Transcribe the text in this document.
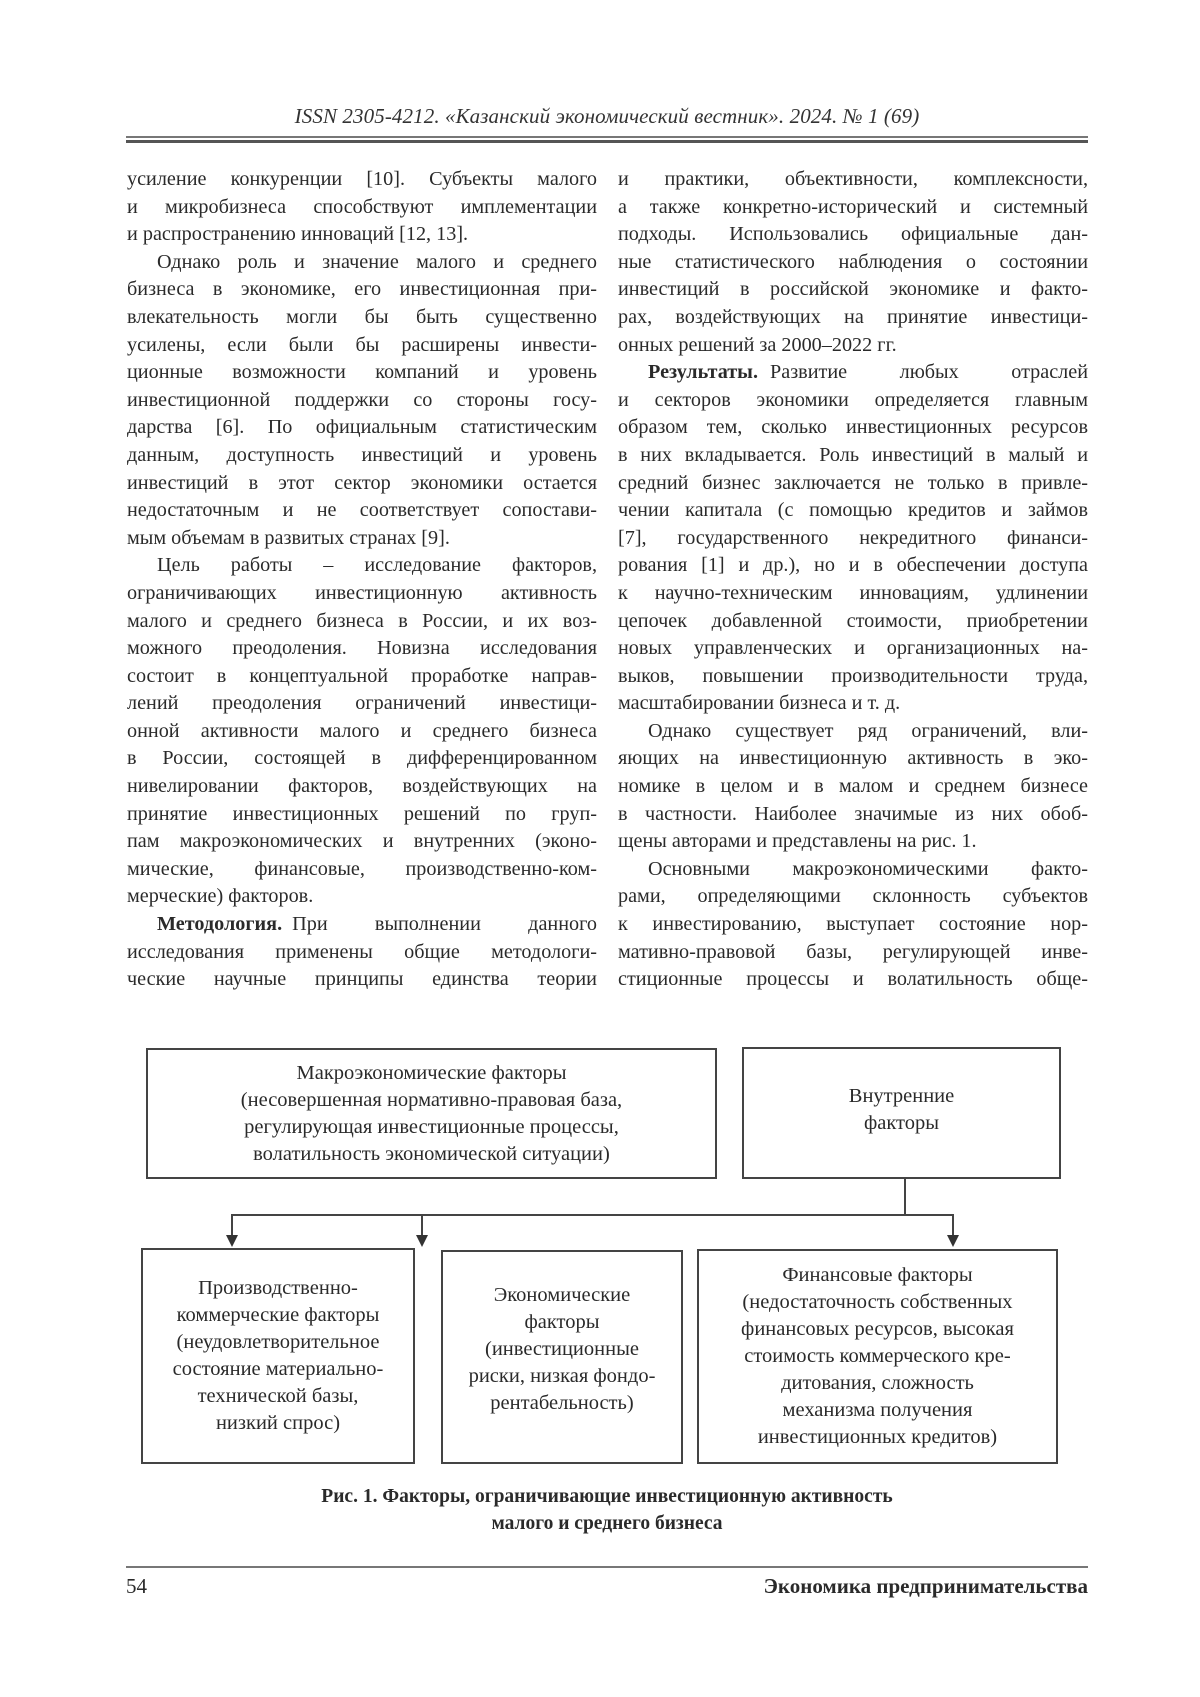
ISSN 2305-4212. «Казанский экономический вестник». 2024. № 1 (69)
усиление конкуренции [10]. Субъекты малого
и микробизнеса способствуют имплементации
и распространению инноваций [12, 13].
Однако роль и значение малого и среднего
бизнеса в экономике, его инвестиционная при-
влекательность могли бы быть существенно
усилены, если были бы расширены инвести-
ционные возможности компаний и уровень
инвестиционной поддержки со стороны госу-
дарства [6]. По официальным статистическим
данным, доступность инвестиций и уровень
инвестиций в этот сектор экономики остается
недостаточным и не соответствует сопостави-
мым объемам в развитых странах [9].
Цель работы – исследование факторов,
ограничивающих инвестиционную активность
малого и среднего бизнеса в России, и их воз-
можного преодоления. Новизна исследования
состоит в концептуальной проработке направ-
лений преодоления ограничений инвестици-
онной активности малого и среднего бизнеса
в России, состоящей в дифференцированном
нивелировании факторов, воздействующих на
принятие инвестиционных решений по груп-
пам макроэкономических и внутренних (эконо-
мические, финансовые, производственно-ком-
мерческие) факторов.
Методология. При выполнении данного
исследования применены общие методологи-
ческие научные принципы единства теории
и практики, объективности, комплексности,
а также конкретно-исторический и системный
подходы. Использовались официальные дан-
ные статистического наблюдения о состоянии
инвестиций в российской экономике и факто-
рах, воздействующих на принятие инвестици-
онных решений за 2000–2022 гг.
Результаты. Развитие любых отраслей
и секторов экономики определяется главным
образом тем, сколько инвестиционных ресурсов
в них вкладывается. Роль инвестиций в малый и
средний бизнес заключается не только в привле-
чении капитала (с помощью кредитов и займов
[7], государственного некредитного финанси-
рования [1] и др.), но и в обеспечении доступа
к научно-техническим инновациям, удлинении
цепочек добавленной стоимости, приобретении
новых управленческих и организационных на-
выков, повышении производительности труда,
масштабировании бизнеса и т. д.
Однако существует ряд ограничений, вли-
яющих на инвестиционную активность в эко-
номике в целом и в малом и среднем бизнесе
в частности. Наиболее значимые из них обоб-
щены авторами и представлены на рис. 1.
Основными макроэкономическими факто-
рами, определяющими склонность субъектов
к инвестированию, выступает состояние нор-
мативно-правовой базы, регулирующей инве-
стиционные процессы и волатильность обще-
Макроэкономические факторы
(несовершенная нормативно-правовая база,
регулирующая инвестиционные процессы,
волатильность экономической ситуации)
Внутренние
факторы
Производственно-
коммерческие факторы
(неудовлетворительное
состояние материально-
технической базы,
низкий спрос)
Экономические
факторы
(инвестиционные
риски, низкая фондо-
рентабельность)
Финансовые факторы
(недостаточность собственных
финансовых ресурсов, высокая
стоимость коммерческого кре-
дитования, сложность
механизма получения
инвестиционных кредитов)
Рис. 1. Факторы, ограничивающие инвестиционную активность
малого и среднего бизнеса
54	Экономика предпринимательства
